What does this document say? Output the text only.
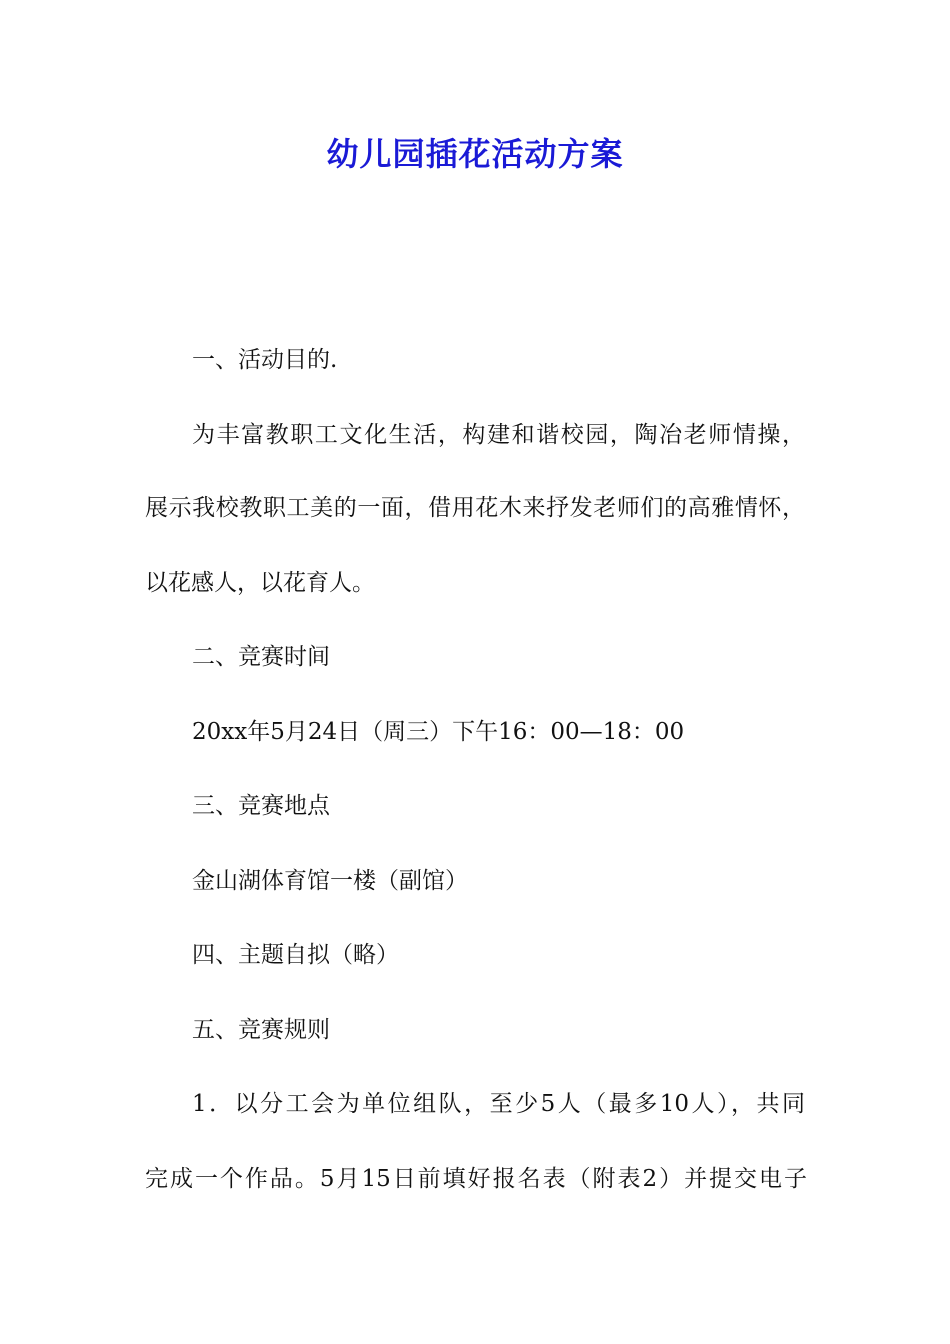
幼儿园插花活动方案
一、活动目的.
为丰富教职工文化生活，构建和谐校园，陶冶老师情操，
展示我校教职工美的一面，借用花木来抒发老师们的高雅情怀，
以花感人，以花育人。
二、竞赛时间
20xx年5月24日（周三）下午16：00—18：00
三、竞赛地点
金山湖体育馆一楼（副馆）
四、主题自拟（略）
五、竞赛规则
1．以分工会为单位组队，至少5人（最多10人），共同
完成一个作品。5月15日前填好报名表（附表2）并提交电子
